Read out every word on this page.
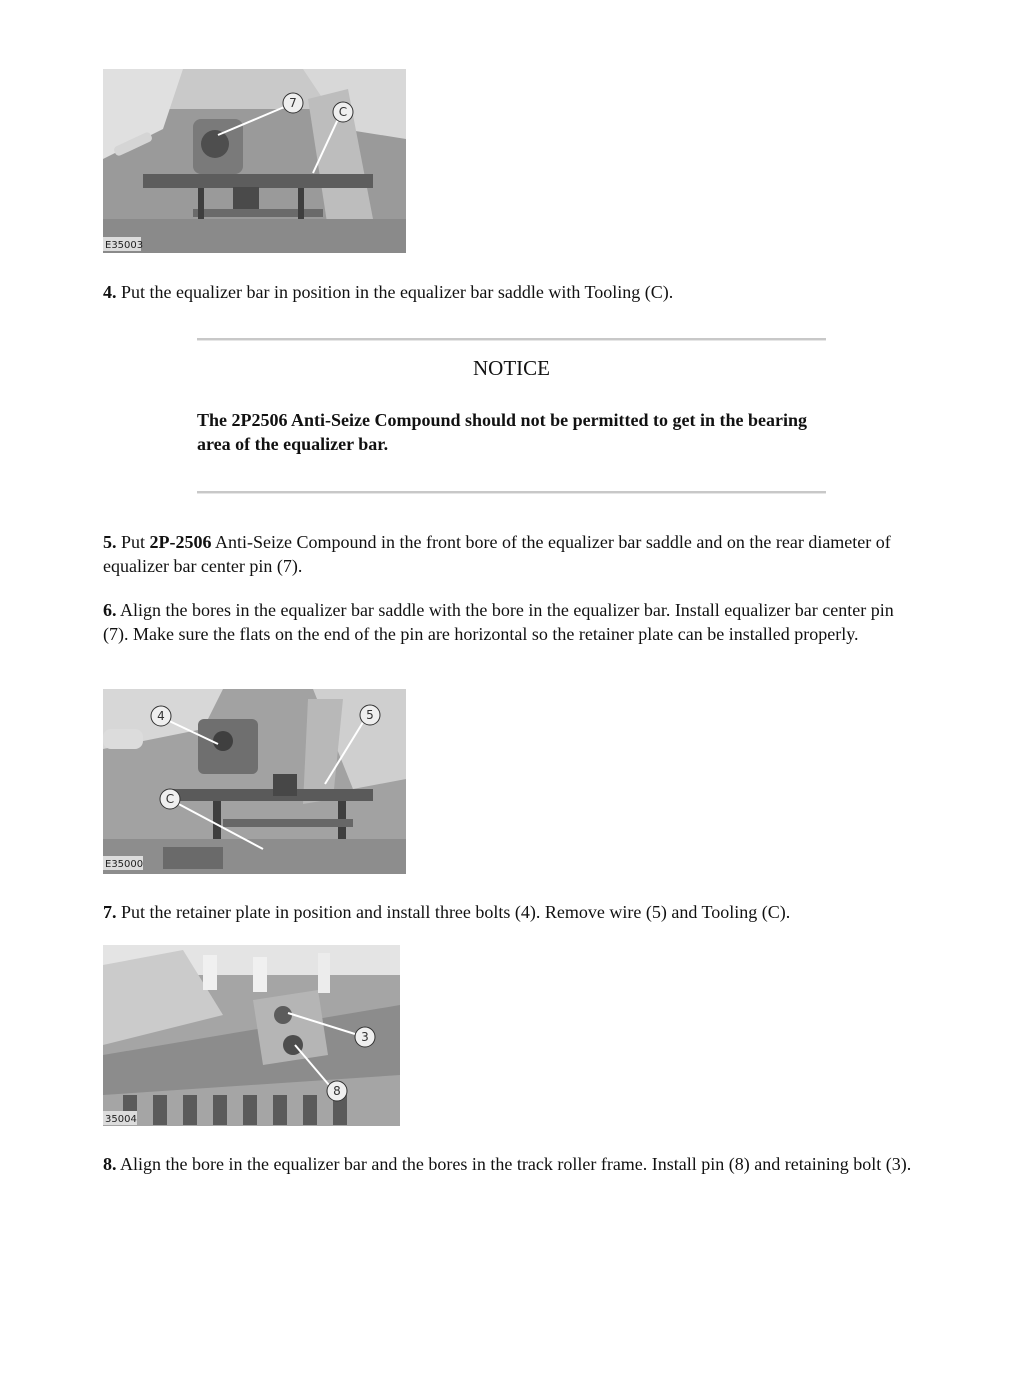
7
C
E35003

4. Put the equalizer bar in position in the equalizer bar saddle with Tooling (C).

NOTICE

The 2P2506 Anti-Seize Compound should not be permitted to get in the bearing area of the equalizer bar.

5. Put 2P-2506 Anti-Seize Compound in the front bore of the equalizer bar saddle and on the rear diameter of equalizer bar center pin (7).

6. Align the bores in the equalizer bar saddle with the bore in the equalizer bar. Install equalizer bar center pin (7). Make sure the flats on the end of the pin are horizontal so the retainer plate can be installed properly.

4	5
C
E35000

7. Put the retainer plate in position and install three bolts (4). Remove wire (5) and Tooling (C).

3
8
35004

8. Align the bore in the equalizer bar and the bores in the track roller frame. Install pin (8) and retaining bolt (3).
